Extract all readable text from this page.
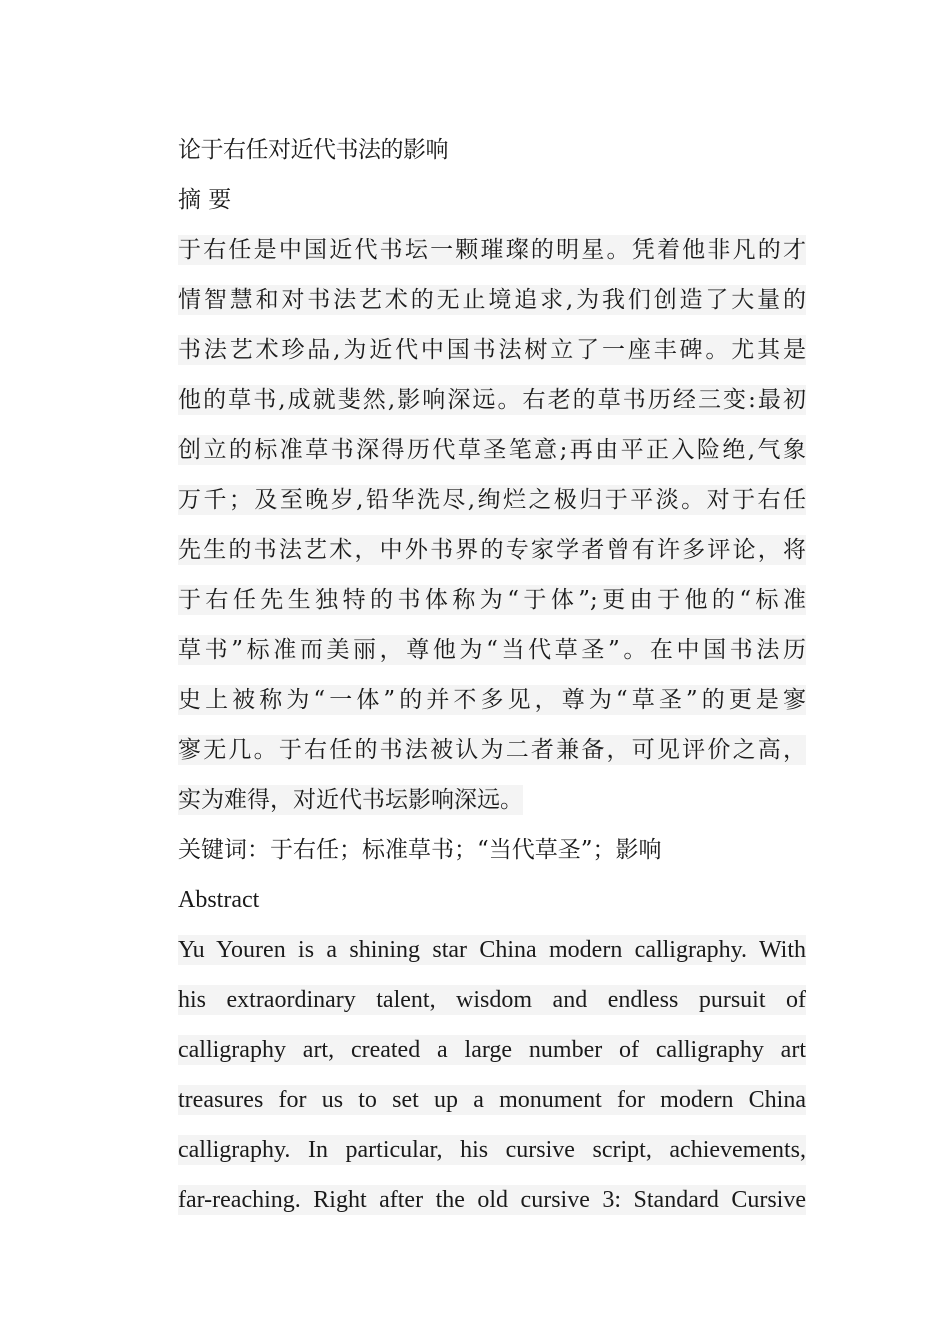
论于右任对近代书法的影响
摘 要
于右任是中国近代书坛一颗璀璨的明星。凭着他非凡的才
情智慧和对书法艺术的无止境追求,为我们创造了大量的
书法艺术珍品,为近代中国书法树立了一座丰碑。尤其是
他的草书,成就斐然,影响深远。右老的草书历经三变:最初
创立的标准草书深得历代草圣笔意;再由平正入险绝,气象
万千；及至晚岁,铅华洗尽,绚烂之极归于平淡。对于右任
先生的书法艺术，中外书界的专家学者曾有许多评论，将
于右任先生独特的书体称为“于体”;更由于他的“标准
草书”标准而美丽，尊他为“当代草圣”。在中国书法历
史上被称为“一体”的并不多见，尊为“草圣”的更是寥
寥无几。于右任的书法被认为二者兼备，可见评价之高，
实为难得，对近代书坛影响深远。
关键词：于右任；标准草书；“当代草圣”；影响
Abstract
Yu Youren is a shining star China modern calligraphy. With
his extraordinary talent, wisdom and endless pursuit of
calligraphy art, created a large number of calligraphy art
treasures for us to set up a monument for modern China
calligraphy. In particular, his cursive script, achievements,
far-reaching. Right after the old cursive 3: Standard Cursive
